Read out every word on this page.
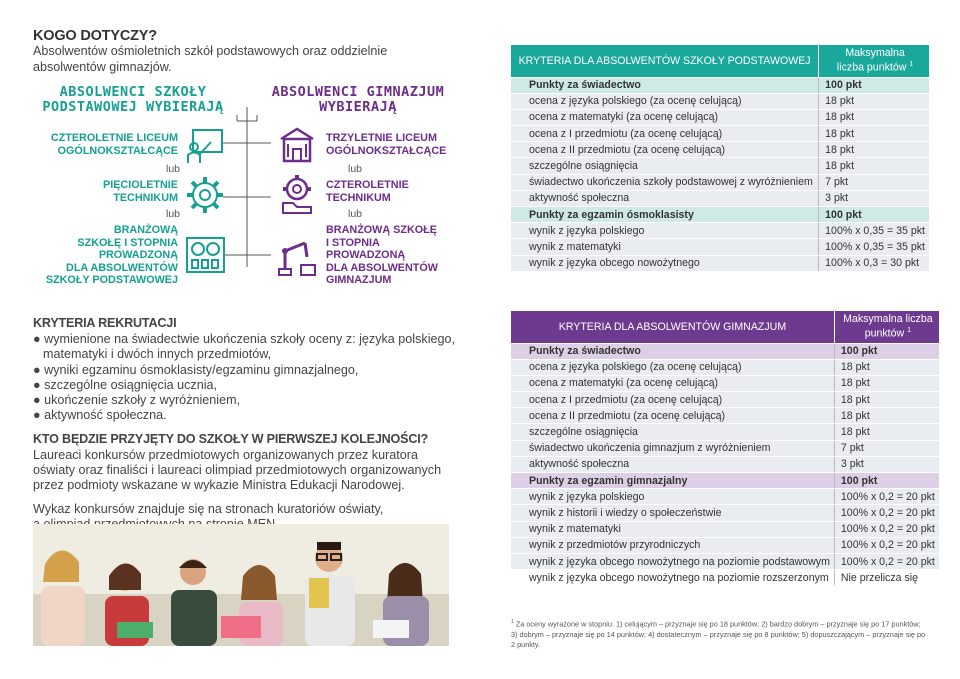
KOGO DOTYCZY?
Absolwentów ośmioletnich szkół podstawowych oraz oddzielnie
absolwentów gimnazjów.
ABSOLWENCI SZKOŁY
PODSTAWOWEJ WYBIERAJĄ
ABSOLWENCI GIMNAZJUM
WYBIERAJĄ
CZTEROLETNIE LICEUM
OGÓLNOKSZTAŁCĄCE
lub
PIĘCIOLETNIE
TECHNIKUM
lub
BRANŻOWĄ
SZKOŁĘ I STOPNIA
PROWADZONĄ
DLA ABSOLWENTÓW
SZKOŁY PODSTAWOWEJ
TRZYLETNIE LICEUM
OGÓLNOKSZTAŁCĄCE
lub
CZTEROLETNIE
TECHNIKUM
lub
BRANŻOWĄ SZKOŁĘ
I STOPNIA
PROWADZONĄ
DLA ABSOLWENTÓW
GIMNAZJUM
KRYTERIA REKRUTACJI
● wymienione na świadectwie ukończenia szkoły oceny z: języka polskiego,
matematyki i dwóch innych przedmiotów,
● wyniki egzaminu ósmoklasisty/egzaminu gimnazjalnego,
● szczególne osiągnięcia ucznia,
● ukończenie szkoły z wyróżnieniem,
● aktywność społeczna.
KTO BĘDZIE PRZYJĘTY DO SZKOŁY W PIERWSZEJ KOLEJNOŚCI?
Laureaci konkursów przedmiotowych organizowanych przez kuratora
oświaty oraz finaliści i laureaci olimpiad przedmiotowych organizowanych
przez podmioty wskazane w wykazie Ministra Edukacji Narodowej.
Wykaz konkursów znajduje się na stronach kuratoriów oświaty,
KRYTERIA DLA ABSOLWENTÓW SZKOŁY PODSTAWOWEJ	Maksymalna
liczba punktów $^1$

Punkty za świadectwo	100 pkt
ocena z języka polskiego (za ocenę celującą)	18 pkt
ocena z matematyki (za ocenę celującą)	18 pkt
ocena z I przedmiotu (za ocenę celującą)	18 pkt
ocena z II przedmiotu (za ocenę celującą)	18 pkt
szczególne osiągnięcia	18 pkt
świadectwo ukończenia szkoły podstawowej z wyróżnieniem	7 pkt
aktywność społeczna	3 pkt
Punkty za egzamin ósmoklasisty	100 pkt
wynik z języka polskiego	100% x 0,35 = 35 pkt
wynik z matematyki	100% x 0,35 = 35 pkt
wynik z języka obcego nowożytnego	100% x 0,3 = 30 pkt
KRYTERIA DLA ABSOLWENTÓW GIMNAZJUM	Maksymalna liczba
punktów $^1$

Punkty za świadectwo	100 pkt
ocena z języka polskiego (za ocenę celującą)	18 pkt
ocena z matematyki (za ocenę celującą)	18 pkt
ocena z I przedmiotu (za ocenę celującą)	18 pkt
ocena z II przedmiotu (za ocenę celującą)	18 pkt
szczególne osiągnięcia	18 pkt
świadectwo ukończenia gimnazjum z wyróżnieniem	7 pkt
aktywność społeczna	3 pkt
Punkty za egzamin gimnazjalny	100 pkt
wynik z języka polskiego	100% x 0,2 = 20 pkt
wynik z historii i wiedzy o społeczeństwie	100% x 0,2 = 20 pkt
wynik z matematyki	100% x 0,2 = 20 pkt
wynik z przedmiotów przyrodniczych	100% x 0,2 = 20 pkt
wynik z języka obcego nowożytnego na poziomie podstawowym	100% x 0,2 = 20 pkt
wynik z języka obcego nowożytnego na poziomie rozszerzonym	Nie przelicza się
$^1$ Za oceny wyrażone w stopniu: 1) celującym – przyznaje się po 18 punktów; 2) bardzo dobrym – przyznaje się po 17 punktów; 3) dobrym – przyznaje się po 14 punktów; 4) dostatecznym – przyznaje się po 8 punktów; 5) dopuszczającym – przyznaje się po 2 punkty.
